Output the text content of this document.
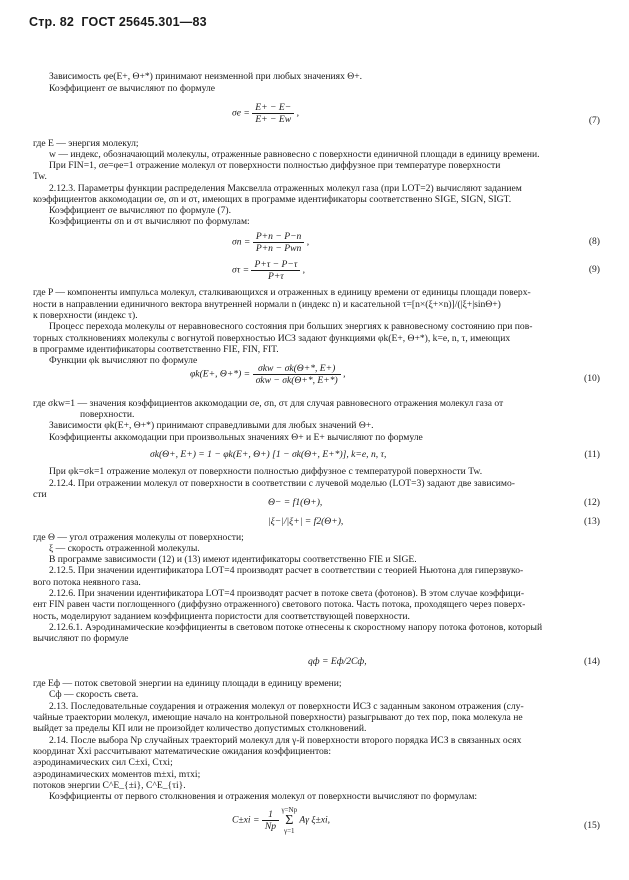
Стр. 82 ГОСТ 25645.301—83
Зависимость φe(E+, Θ+*) принимают неизменной при любых значениях Θ+.
Коэффициент σe вычисляют по формуле
$\sigma e = \frac{E+ - E-}{E+ - Ew}$ ,
(7)
где E — энергия молекул;
w — индекс, обозначающий молекулы, отраженные равновесно с поверхности единичной площади в единицу времени.
При FIN=1, σe=φe=1 отражение молекул от поверхности полностью диффузное при температуре поверхности
Tw.
2.12.3. Параметры функции распределения Максвелла отраженных молекул газа (при LOT=2) вычисляют заданием
коэффициентов аккомодации σe, σn и στ, имеющих в программе идентификаторы соответственно SIGE, SIGN, SIGT.
Коэффициент σe вычисляют по формуле (7).
Коэффициенты σn и στ вычисляют по формулам:
$\sigma n = \frac{P+n - P-n}{\text{P+n − Pwn}}$ ,	(8)
$\sigma\tau = \frac{P+\tau - P-\tau}{P+\tau}$ ,	(9)
где P — компоненты импульса молекул, сталкивающихся и отраженных в единицу времени от единицы площади поверх-
ности в направлении единичного вектора внутренней нормали n (индекс n) и касательной τ=[n×(ξ+×n)]/(|ξ+|sinΘ+)
к поверхности (индекс τ).
Процесс перехода молекулы от неравновесного состояния при больших энергиях к равновесному состоянию при пов-
торных столкновениях молекулы с вогнутой поверхностью ИСЗ задают функциями φk(E+, Θ+*), k=e, n, τ, имеющих
в программе идентификаторы соответственно FIE, FIN, FIT.
Функции φk вычисляют по формуле
φk(E+, $\Theta+*) = \frac{\text{σkw − σk(Θ+*, E+)}}{\text{σkw − σk(Θ+*, E+*)}}$ ,	(10)
где σkw=1 — значения коэффициентов аккомодации σe, σn, στ для случая равновесного отражения молекул газа от
поверхности.
Зависимости φk(E+, Θ+*) принимают справедливыми для любых значений Θ+.
Коэффициенты аккомодации при произвольных значениях Θ+ и E+ вычисляют по формуле
σk(Θ+, E+) = 1 − φk(E+, Θ+) [1 − σk(Θ+, E+*)], k=e, n, τ,	(11)
При φk=σk=1 отражение молекул от поверхности полностью диффузное с температурой поверхности Tw.
2.12.4. При отражении молекул от поверхности в соответствии с лучевой моделью (LOT=3) задают две зависимо-
сти
Θ− = f1(Θ+),	(12)
|ξ−|/|ξ+| = f2(Θ+),	(13)
где Θ — угол отражения молекулы от поверхности;
ξ — скорость отраженной молекулы.
В программе зависимости (12) и (13) имеют идентификаторы соответственно FIE и SIGE.
2.12.5. При значении идентификатора LOT=4 производят расчет в соответствии с теорией Ньютона для гиперзвуко-
вого потока неявного газа.
2.12.6. При значении идентификатора LOT=4 производят расчет в потоке света (фотонов). В этом случае коэффици-
ент FIN равен части поглощенного (диффузно отраженного) светового потока. Часть потока, проходящего через поверх-
ность, моделируют заданием коэффициента пористости для соответствующей поверхности.
2.12.6.1. Аэродинамические коэффициенты в световом потоке отнесены к скоростному напору потока фотонов, который
вычисляют по формуле
qф = Eф/2Cф,	(14)
где Eф — поток световой энергии на единицу площади в единицу времени;
Cф — скорость света.
2.13. Последовательные соударения и отражения молекул от поверхности ИСЗ с заданным законом отражения (слу-
чайные траектории молекул, имеющие начало на контрольной поверхности) разыгрывают до тех пор, пока молекула не
выйдет за пределы КП или не произойдет количество допустимых столкновений.
2.14. После выбора Np случайных траекторий молекул для γ-й поверхности второго порядка ИСЗ в связанных осях
координат Xxi рассчитывают математические ожидания коэффициентов:
аэродинамических сил C±xi, Cτxi;
аэродинамических моментов m±xi, mτxi;
потоков энергии C^E_{±i}, C^E_{τi}.
Коэффициенты от первого столкновения и отражения молекул от поверхности вычисляют по формулам:
$C\pm xi = \frac{1}{Np}$
γ=Np
Σ
γ=1
Aγ ξ±xi,	(15)
